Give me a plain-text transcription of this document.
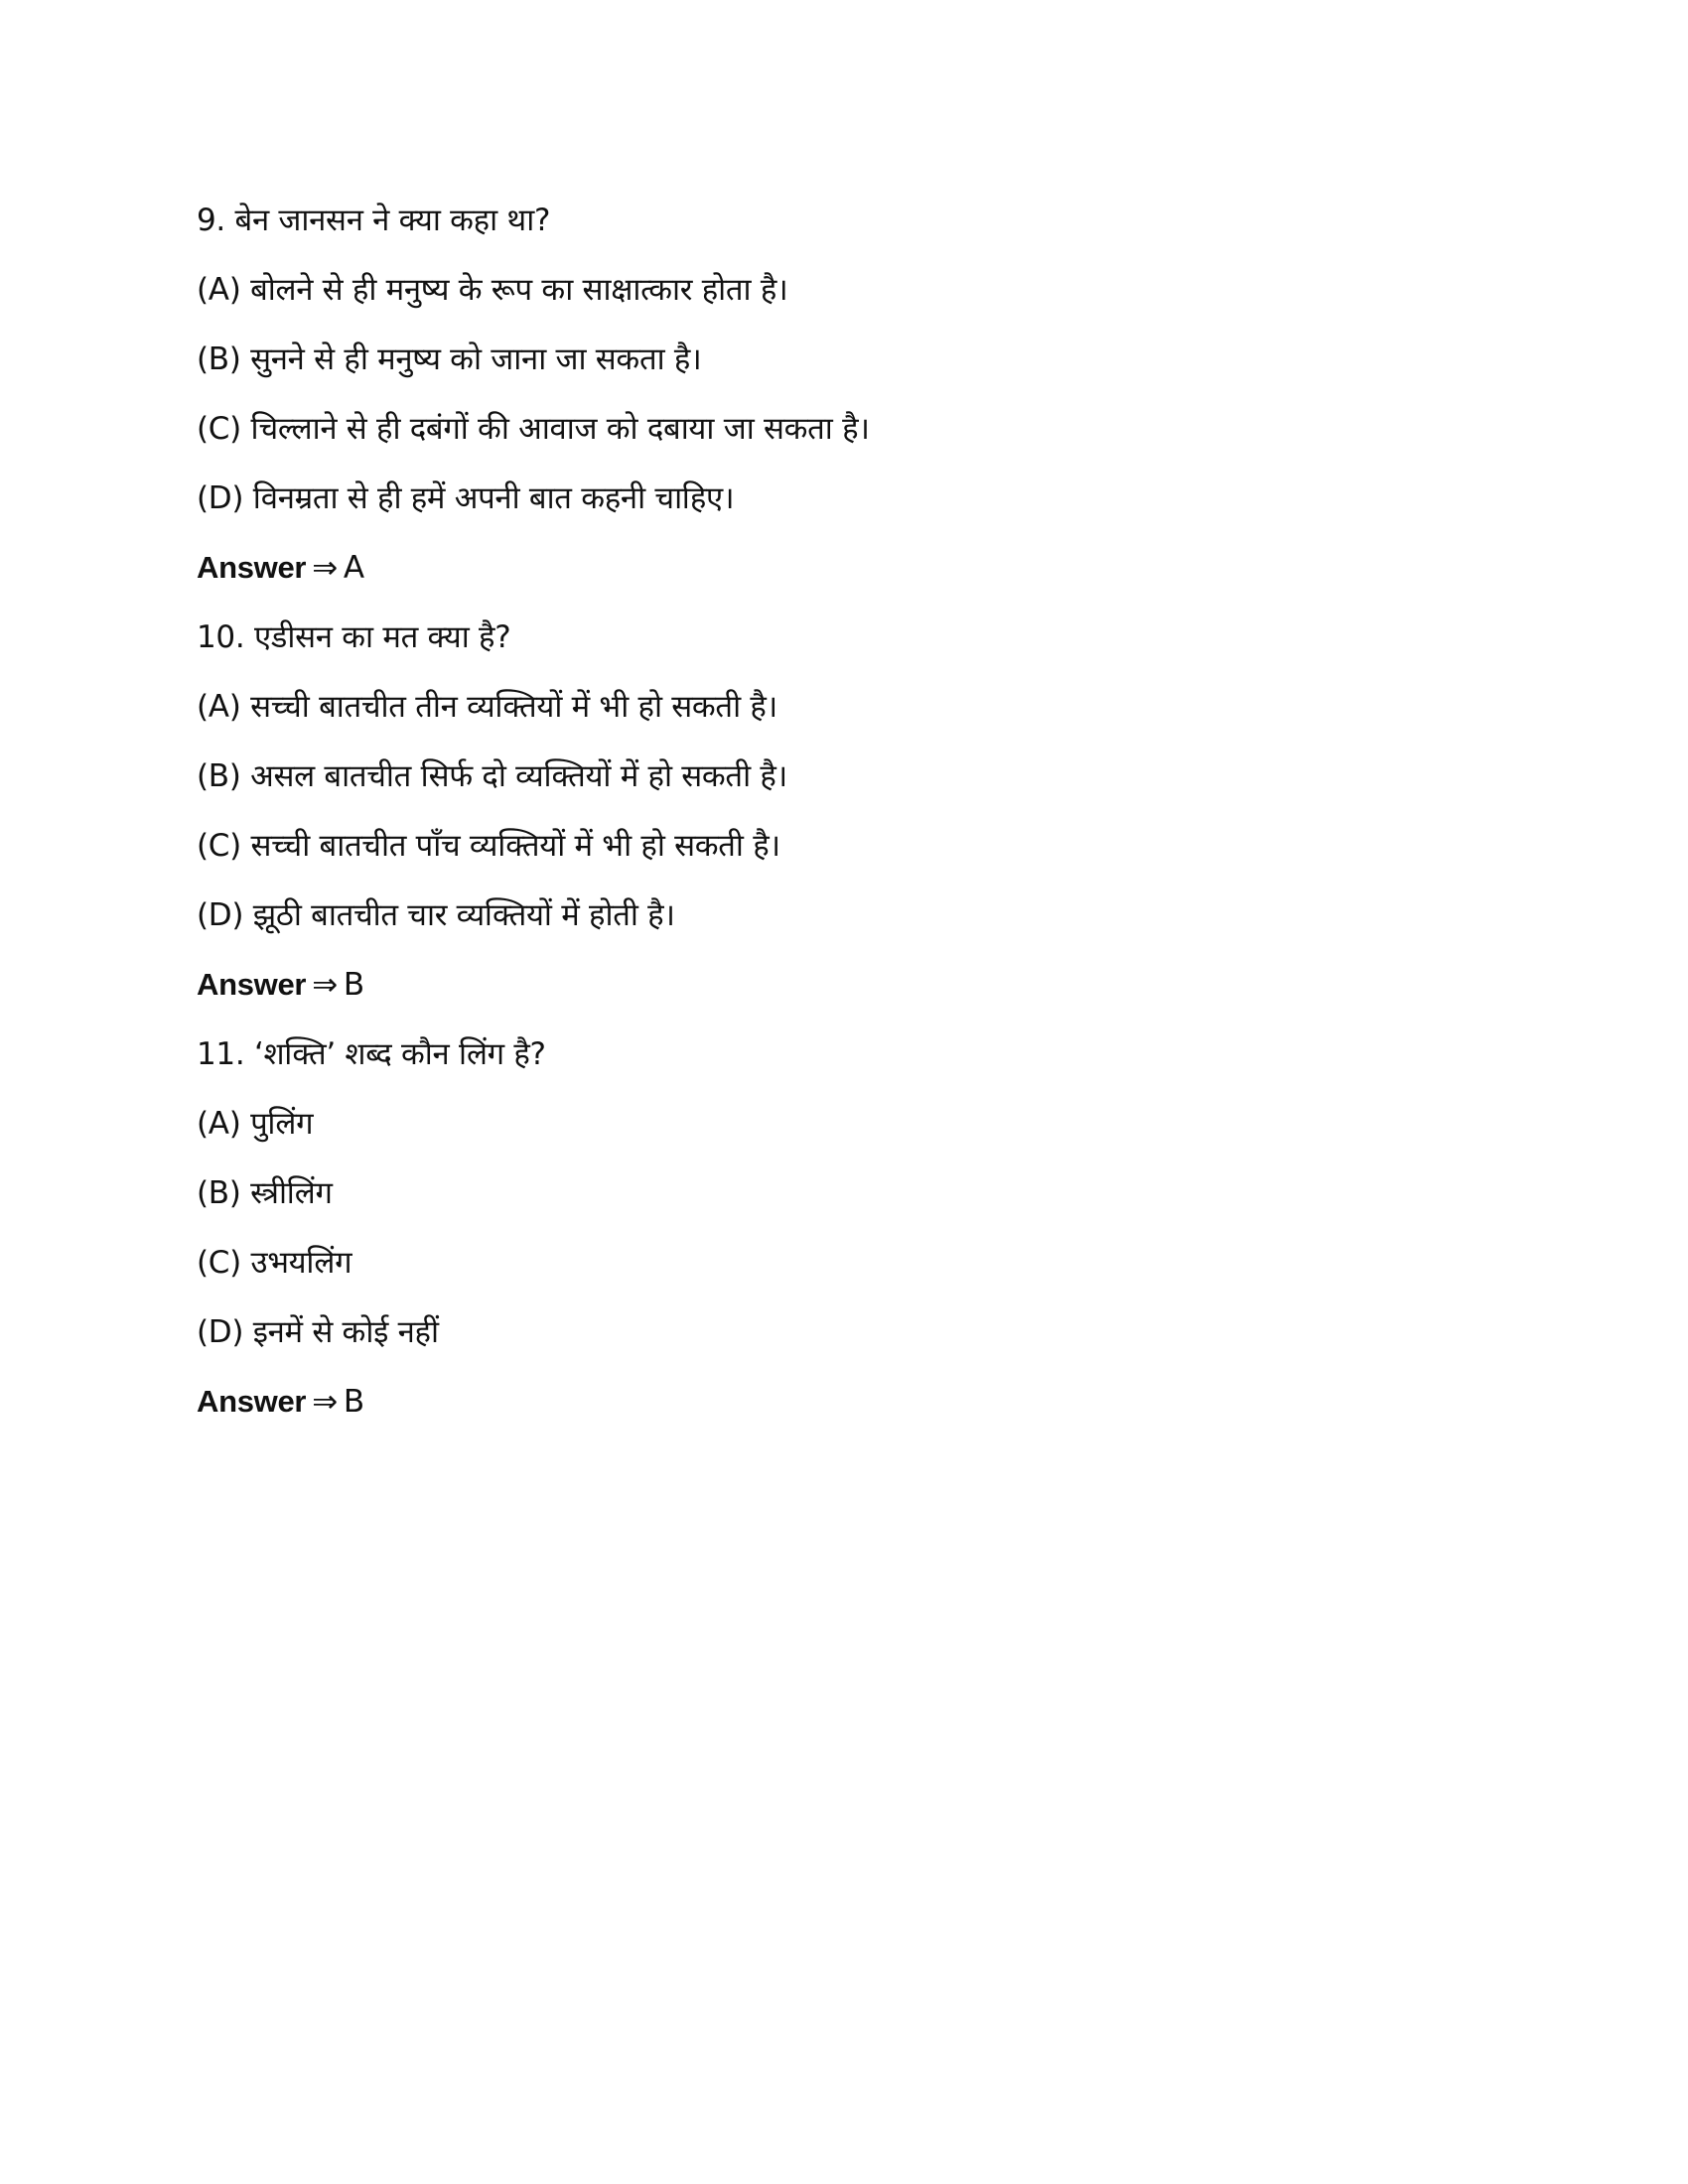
9. बेन जानसन ने क्या कहा था?
(A) बोलने से ही मनुष्य के रूप का साक्षात्कार होता है।
(B) सुनने से ही मनुष्य को जाना जा सकता है।
(C) चिल्लाने से ही दबंगों की आवाज को दबाया जा सकता है।
(D) विनम्रता से ही हमें अपनी बात कहनी चाहिए।
Answer ⇒ A
10. एडीसन का मत क्या है?
(A) सच्ची बातचीत तीन व्यक्तियों में भी हो सकती है।
(B) असल बातचीत सिर्फ दो व्यक्तियों में हो सकती है।
(C) सच्ची बातचीत पाँच व्यक्तियों में भी हो सकती है।
(D) झूठी बातचीत चार व्यक्तियों में होती है।
Answer ⇒ B
11. ‘शक्ति’ शब्द कौन लिंग है?
(A) पुलिंग
(B) स्त्रीलिंग
(C) उभयलिंग
(D) इनमें से कोई नहीं
Answer ⇒ B
